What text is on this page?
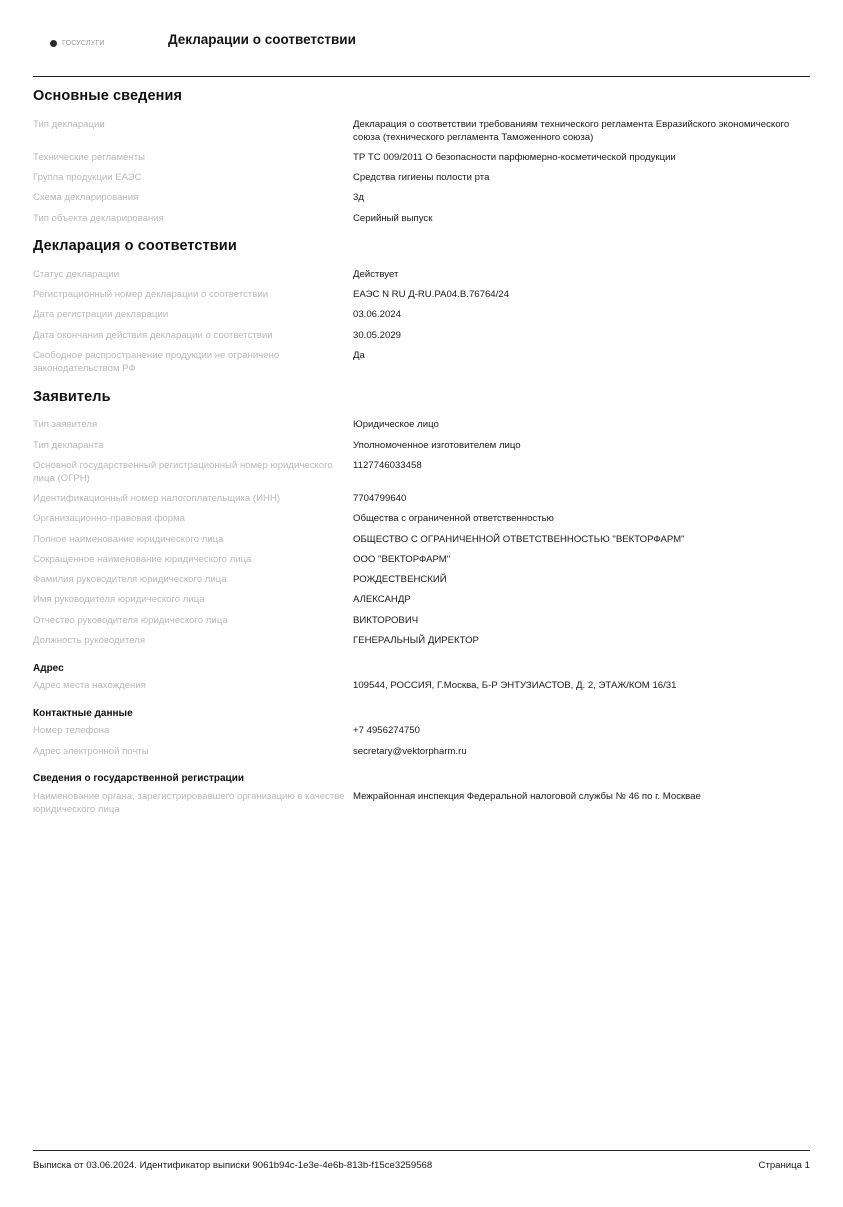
ГОСУСЛУГИ	Декларации о соответствии
Основные сведения
Тип декларации	Декларация о соответствии требованиям технического регламента Евразийского экономического союза (технического регламента Таможенного союза)
Технические регламенты	ТР ТС 009/2011 О безопасности парфюмерно-косметической продукции
Группа продукции ЕАЭС	Средства гигиены полости рта
Схема декларирования	3д
Тип объекта декларирования	Серийный выпуск
Декларация о соответствии
Статус декларации	Действует
Регистрационный номер декларации о соответствии	ЕАЭС N RU Д-RU.РА04.В.76764/24
Дата регистрации декларации	03.06.2024
Дата окончания действия декларации о соответствии	30.05.2029
Свободное распространение продукции не ограничено законодательством РФ	Да
Заявитель
Тип заявителя	Юридическое лицо
Тип декларанта	Уполномоченное изготовителем лицо
Основной государственный регистрационный номер юридического лица (ОГРН)	1127746033458
Идентификационный номер налогоплательщика (ИНН)	7704799640
Организационно-правовая форма	Общества с ограниченной ответственностью
Полное наименование юридического лица	ОБЩЕСТВО С ОГРАНИЧЕННОЙ ОТВЕТСТВЕННОСТЬЮ "ВЕКТОРФАРМ"
Сокращенное наименование юридического лица	ООО "ВЕКТОРФАРМ"
Фамилия руководителя юридического лица	РОЖДЕСТВЕНСКИЙ
Имя руководителя юридического лица	АЛЕКСАНДР
Отчество руководителя юридического лица	ВИКТОРОВИЧ
Должность руководителя	ГЕНЕРАЛЬНЫЙ ДИРЕКТОР
Адрес
Адрес места нахождения	109544, РОССИЯ, Г.Москва, Б-Р ЭНТУЗИАСТОВ, Д. 2, ЭТАЖ/КОМ 16/31
Контактные данные
Номер телефона	+7 4956274750
Адрес электронной почты	secretary@vektorpharm.ru
Сведения о государственной регистрации
Наименование органа, зарегистрировавшего организацию в качестве юридического лица	Межрайонная инспекция Федеральной налоговой службы № 46 по г. Москвае
Выписка от 03.06.2024. Идентификатор выписки 9061b94c-1e3e-4e6b-813b-f15ce3259568	Страница 1
